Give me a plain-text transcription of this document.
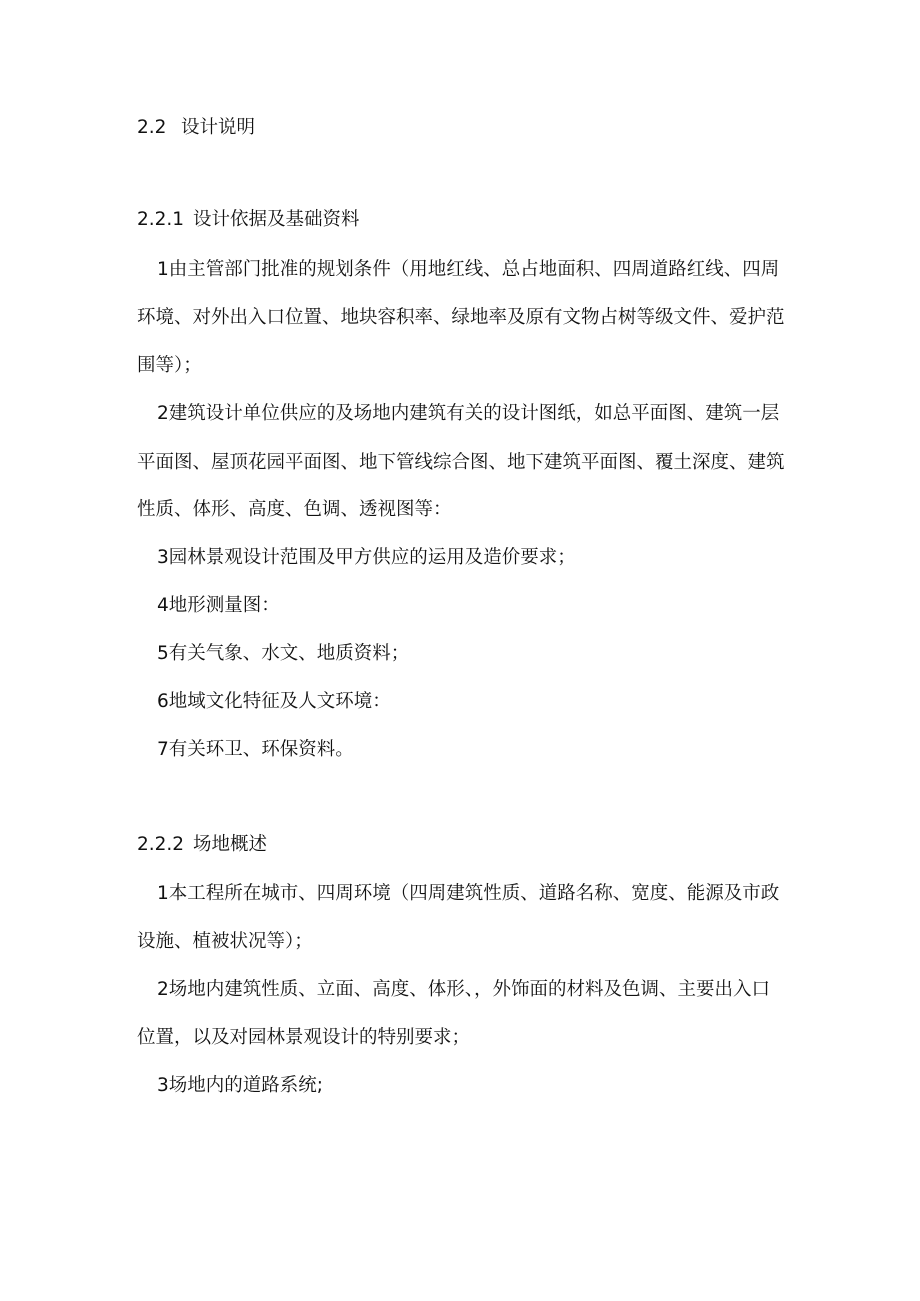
2.2 设计说明
2.2.1 设计依据及基础资料
1由主管部门批准的规划条件（用地红线、总占地面积、四周道路红线、四周
环境、对外出入口位置、地块容积率、绿地率及原有文物占树等级文件、爱护范
围等）；
2建筑设计单位供应的及场地内建筑有关的设计图纸，如总平面图、建筑一层
平面图、屋顶花园平面图、地下管线综合图、地下建筑平面图、覆土深度、建筑
性质、体形、高度、色调、透视图等：
3园林景观设计范围及甲方供应的运用及造价要求；
4地形测量图：
5有关气象、水文、地质资料；
6地域文化特征及人文环境：
7有关环卫、环保资料。
2.2.2 场地概述
1本工程所在城市、四周环境（四周建筑性质、道路名称、宽度、能源及市政
设施、植被状况等）；
2场地内建筑性质、立面、高度、体形、，外饰面的材料及色调、主要出入口
位置，以及对园林景观设计的特别要求；
3场地内的道路系统;
